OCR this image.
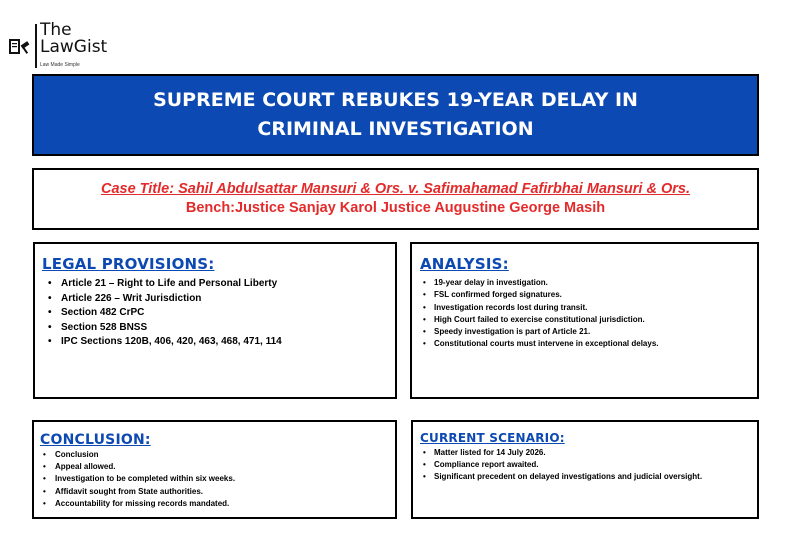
The
LawGist
Law Made Simple
SUPREME COURT REBUKES 19-YEAR DELAY IN CRIMINAL INVESTIGATION
Case Title: Sahil Abdulsattar Mansuri & Ors. v. Safimahamad Fafirbhai Mansuri & Ors.
Bench:Justice Sanjay Karol Justice Augustine George Masih
LEGAL PROVISIONS:
• Article 21 – Right to Life and Personal Liberty
• Article 226 – Writ Jurisdiction
• Section 482 CrPC
• Section 528 BNSS
• IPC Sections 120B, 406, 420, 463, 468, 471, 114
ANALYSIS:
• 19-year delay in investigation.
• FSL confirmed forged signatures.
• Investigation records lost during transit.
• High Court failed to exercise constitutional jurisdiction.
• Speedy investigation is part of Article 21.
• Constitutional courts must intervene in exceptional delays.
CONCLUSION:
• Conclusion
• Appeal allowed.
• Investigation to be completed within six weeks.
• Affidavit sought from State authorities.
• Accountability for missing records mandated.
CURRENT SCENARIO:
• Matter listed for 14 July 2026.
• Compliance report awaited.
• Significant precedent on delayed investigations and judicial oversight.
